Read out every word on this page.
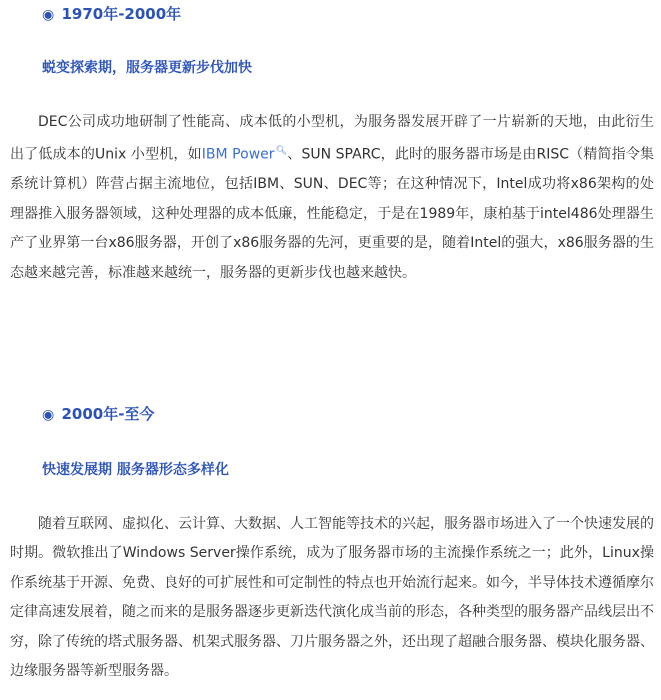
◉ 1970年-2000年
蜕变探索期，服务器更新步伐加快
DEC公司成功地研制了性能高、成本低的小型机，为服务器发展开辟了一片崭新的天地，由此衍生出了低成本的Unix 小型机，如IBM Power🔍︎、SUN SPARC，此时的服务器市场是由RISC（精简指令集系统计算机）阵营占据主流地位，包括IBM、SUN、DEC等；在这种情况下，Intel成功将x86架构的处理器推入服务器领域，这种处理器的成本低廉，性能稳定，于是在1989年，康柏基于intel486处理器生产了业界第一台x86服务器，开创了x86服务器的先河，更重要的是，随着Intel的强大，x86服务器的生态越来越完善，标准越来越统一，服务器的更新步伐也越来越快。
◉ 2000年-至今
快速发展期 服务器形态多样化
随着互联网、虚拟化、云计算、大数据、人工智能等技术的兴起，服务器市场进入了一个快速发展的时期。微软推出了Windows Server操作系统，成为了服务器市场的主流操作系统之一；此外，Linux操作系统基于开源、免费、良好的可扩展性和可定制性的特点也开始流行起来。如今，半导体技术遵循摩尔定律高速发展着，随之而来的是服务器逐步更新迭代演化成当前的形态，各种类型的服务器产品线层出不穷，除了传统的塔式服务器、机架式服务器、刀片服务器之外，还出现了超融合服务器、模块化服务器、边缘服务器等新型服务器。
